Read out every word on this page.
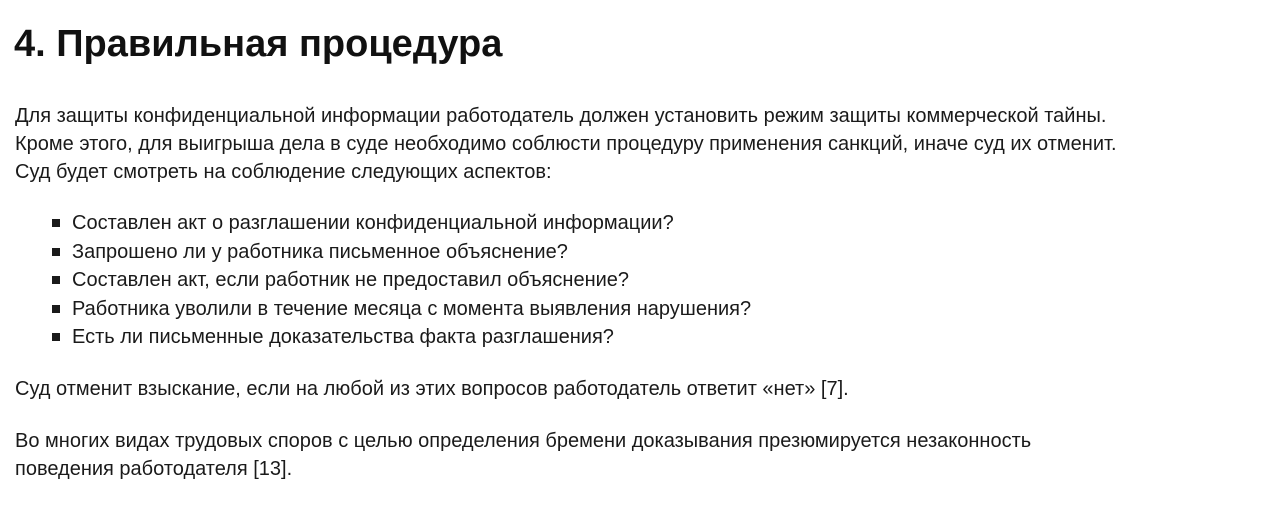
4. Правильная процедура

Для защиты конфиденциальной информации работодатель должен установить режим защиты коммерческой тайны.
Кроме этого, для выигрыша дела в суде необходимо соблюсти процедуру применения санкций, иначе суд их отменит.
Суд будет смотреть на соблюдение следующих аспектов:

Составлен акт о разглашении конфиденциальной информации?
Запрошено ли у работника письменное объяснение?
Составлен акт, если работник не предоставил объяснение?
Работника уволили в течение месяца с момента выявления нарушения?
Есть ли письменные доказательства факта разглашения?

Суд отменит взыскание, если на любой из этих вопросов работодатель ответит «нет» [7].

Во многих видах трудовых споров с целью определения бремени доказывания презюмируется незаконность
поведения работодателя [13].
